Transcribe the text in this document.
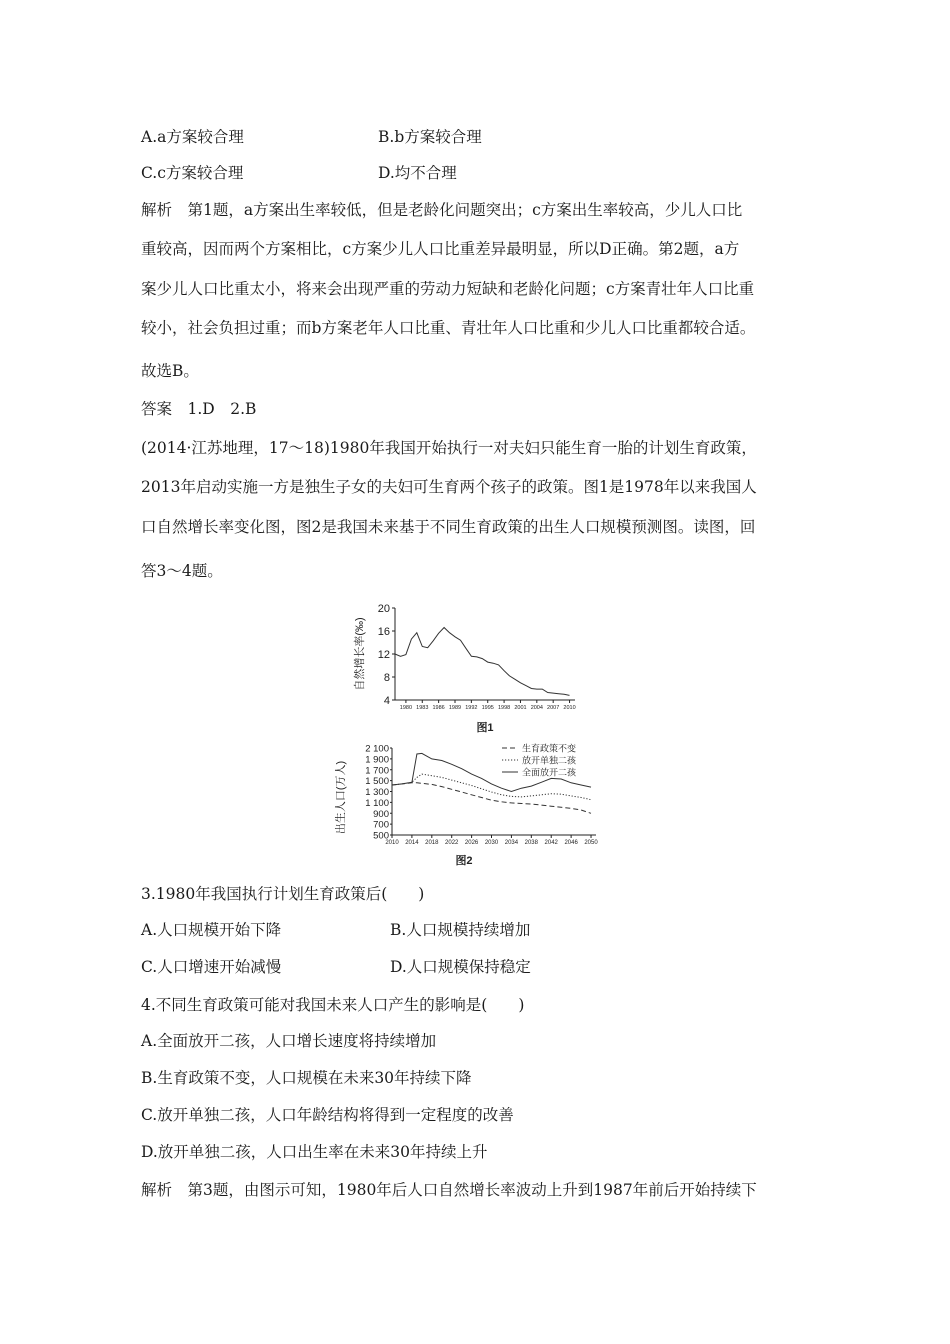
A.a方案较合理	B.b方案较合理
C.c方案较合理	D.均不合理
解析　第1题，a方案出生率较低，但是老龄化问题突出；c方案出生率较高，少儿人口比
重较高，因而两个方案相比，c方案少儿人口比重差异最明显，所以D正确。第2题，a方
案少儿人口比重太小，将来会出现严重的劳动力短缺和老龄化问题；c方案青壮年人口比重
较小，社会负担过重；而b方案老年人口比重、青壮年人口比重和少儿人口比重都较合适。
故选B。
答案　1.D　2.B
(2014·江苏地理，17～18)1980年我国开始执行一对夫妇只能生育一胎的计划生育政策，
2013年启动实施一方是独生子女的夫妇可生育两个孩子的政策。图1是1978年以来我国人
口自然增长率变化图，图2是我国未来基于不同生育政策的出生人口规模预测图。读图，回
答3～4题。
20
16
12
8
4
1980 1983 1986 1989 1992 1995 1998 2001 2004 2007 2010
自然增长率(‰)
图1
2 100
1 900
1 700
1 500
1 300
1 100
900
700
500
2010 2014 2018 2022 2026 2030 2034 2038 2042 2046 2050
出生人口(万人)
生育政策不变
放开单独二孩
全面放开二孩
图2
3.1980年我国执行计划生育政策后(　　)
A.人口规模开始下降	B.人口规模持续增加
C.人口增速开始减慢	D.人口规模保持稳定
4.不同生育政策可能对我国未来人口产生的影响是(　　)
A.全面放开二孩，人口增长速度将持续增加
B.生育政策不变，人口规模在未来30年持续下降
C.放开单独二孩，人口年龄结构将得到一定程度的改善
D.放开单独二孩，人口出生率在未来30年持续上升
解析　第3题，由图示可知，1980年后人口自然增长率波动上升到1987年前后开始持续下
